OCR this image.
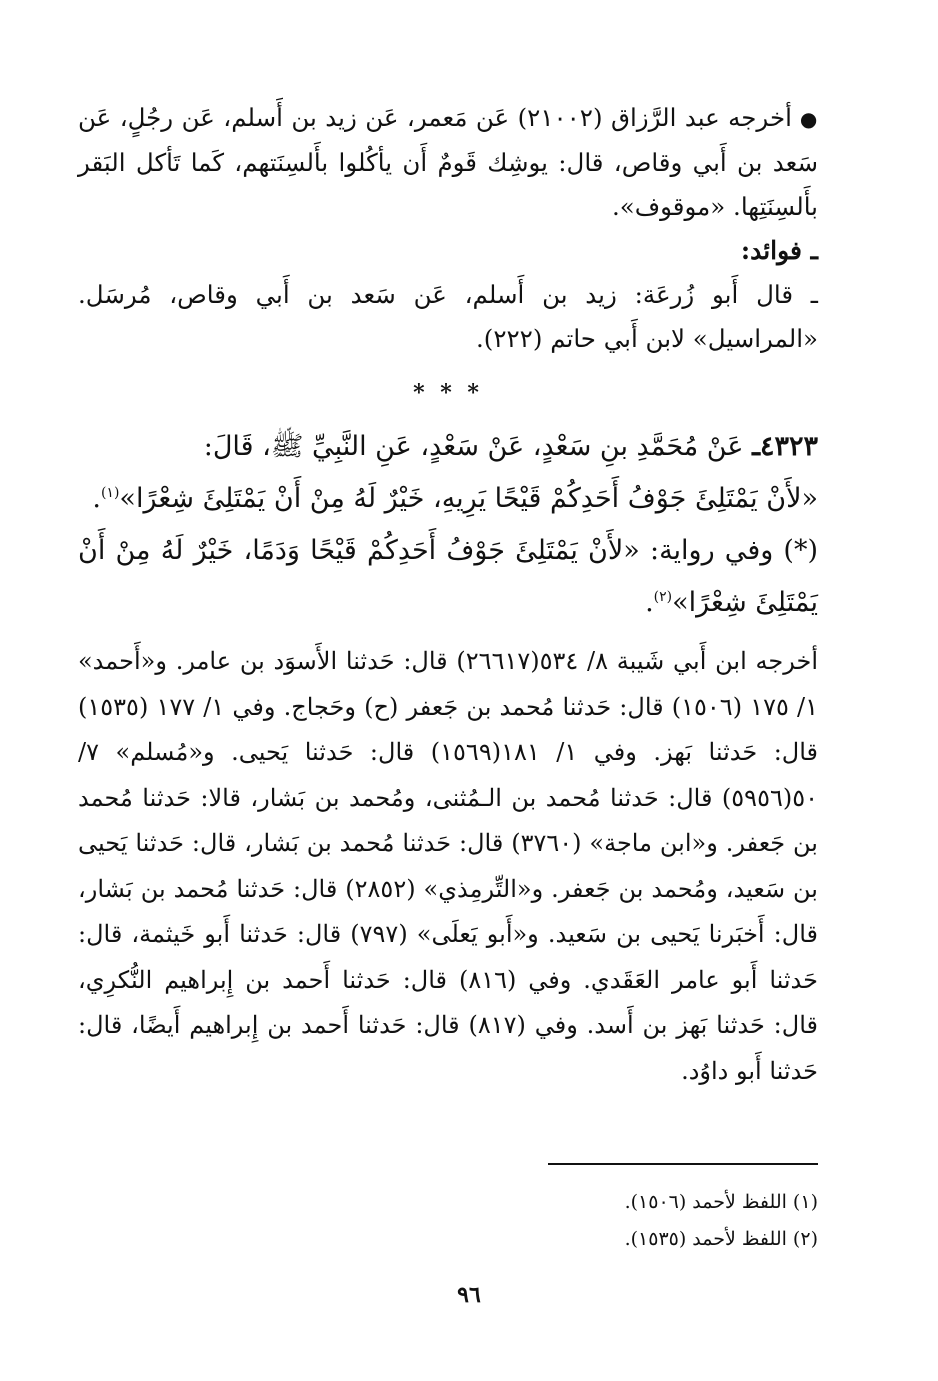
●أخرجه عبد الرَّزاق (٢١٠٠٢) عَن مَعمر، عَن زيد بن أَسلم، عَن رجُلٍ، عَن سَعد بن أَبي وقاص، قال: يوشِك قَومٌ أَن يأكُلوا بأَلسِنَتهم، كَما تَأكل البَقر بأَلسِنَتِها. «موقوف».

ـ فوائد:

ـ قال أَبو زُرعَة: زيد بن أَسلم، عَن سَعد بن أَبي وقاص، مُرسَل. «المراسيل» لابن أَبي حاتم (٢٢٢).

* * *

٤٣٢٣ـ عَنْ مُحَمَّدِ بنِ سَعْدٍ، عَنْ سَعْدٍ، عَنِ النَّبِيِّ ﷺ، قَالَ:

«لأَنْ يَمْتَلِئَ جَوْفُ أَحَدِكُمْ قَيْحًا يَرِيهِ، خَيْرٌ لَهُ مِنْ أَنْ يَمْتَلِئَ شِعْرًا»$^{(١)}$.

(*) وفي رواية: «لأَنْ يَمْتَلِئَ جَوْفُ أَحَدِكُمْ قَيْحًا وَدَمًا، خَيْرٌ لَهُ مِنْ أَنْ يَمْتَلِئَ شِعْرًا»$^{(٢)}$.

أخرجه ابن أَبي شَيبة ٨/ ٥٣٤(٢٦٦١٧) قال: حَدثنا الأَسوَد بن عامر. و«أَحمد» ١/ ١٧٥ (١٥٠٦) قال: حَدثنا مُحمد بن جَعفر (ح) وحَجاج. وفي ١/ ١٧٧ (١٥٣٥) قال: حَدثنا بَهز. وفي ١/ ١٨١(١٥٦٩) قال: حَدثنا يَحيى. و«مُسلم» ٧/ ٥٠(٥٩٥٦) قال: حَدثنا مُحمد بن الـمُثنى، ومُحمد بن بَشار، قالا: حَدثنا مُحمد بن جَعفر. و«ابن ماجة» (٣٧٦٠) قال: حَدثنا مُحمد بن بَشار، قال: حَدثنا يَحيى بن سَعيد، ومُحمد بن جَعفر. و«التِّرمِذي» (٢٨٥٢) قال: حَدثنا مُحمد بن بَشار، قال: أَخبَرنا يَحيى بن سَعيد. و«أَبو يَعلَى» (٧٩٧) قال: حَدثنا أَبو خَيثمة، قال: حَدثنا أَبو عامر العَقَدي. وفي (٨١٦) قال: حَدثنا أَحمد بن إِبراهيم النُّكرِي، قال: حَدثنا بَهز بن أَسد. وفي (٨١٧) قال: حَدثنا أَحمد بن إِبراهيم أَيضًا، قال: حَدثنا أَبو داوُد.

(١) اللفظ لأحمد (١٥٠٦).
(٢) اللفظ لأحمد (١٥٣٥).
٩٦
